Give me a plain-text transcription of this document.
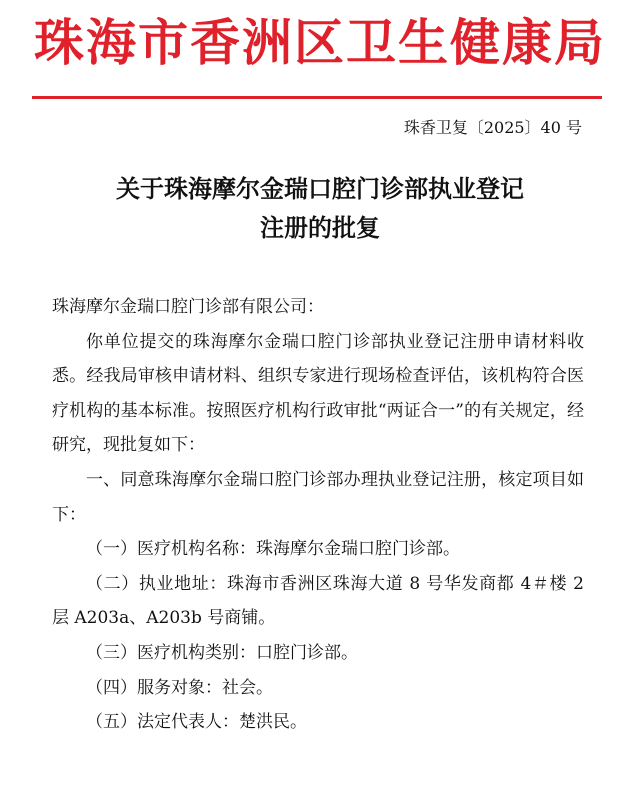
珠海市香洲区卫生健康局
珠香卫复〔2025〕40 号
关于珠海摩尔金瑞口腔门诊部执业登记
注册的批复

珠海摩尔金瑞口腔门诊部有限公司：

你单位提交的珠海摩尔金瑞口腔门诊部执业登记注册申请材料收悉。经我局审核申请材料、组织专家进行现场检查评估，该机构符合医疗机构的基本标准。按照医疗机构行政审批“两证合一”的有关规定，经研究，现批复如下：

一、同意珠海摩尔金瑞口腔门诊部办理执业登记注册，核定项目如下：

（一）医疗机构名称：珠海摩尔金瑞口腔门诊部。

（二）执业地址：珠海市香洲区珠海大道 8 号华发商都 4＃楼 2 层 A203a、A203b 号商铺。

（三）医疗机构类别：口腔门诊部。

（四）服务对象：社会。

（五）法定代表人：楚洪民。
